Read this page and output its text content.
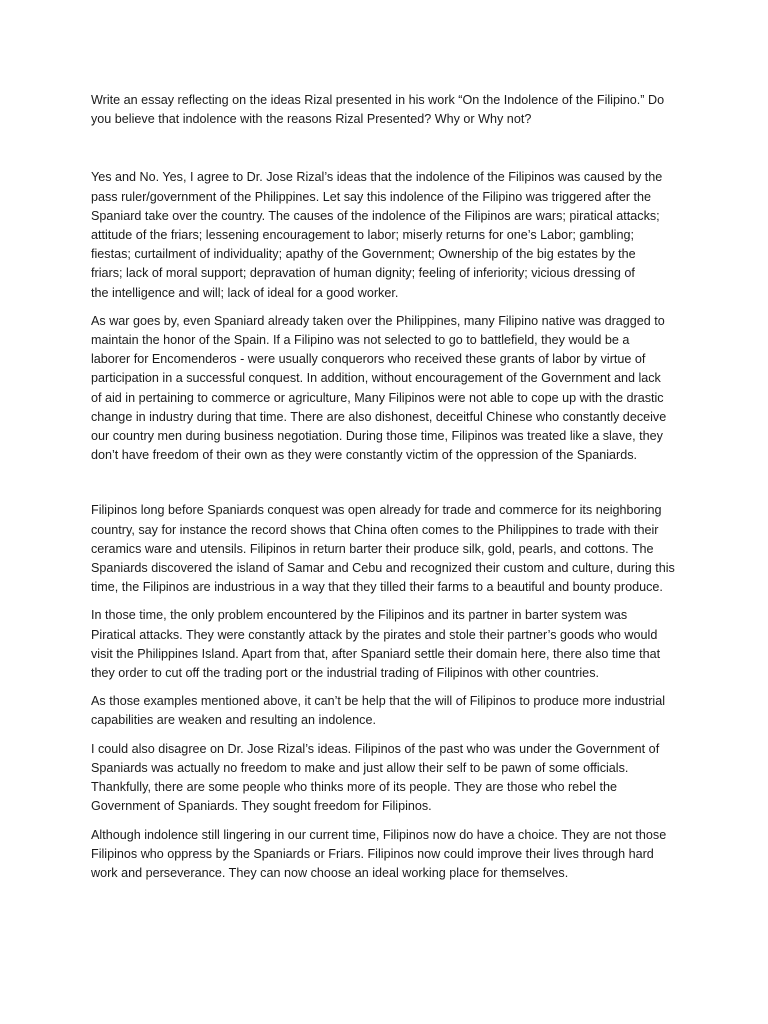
Write an essay reflecting on the ideas Rizal presented in his work “On the Indolence of the Filipino.” Do
you believe that indolence with the reasons Rizal Presented? Why or Why not?
Yes and No. Yes, I agree to Dr. Jose Rizal’s ideas that the indolence of the Filipinos was caused by the
pass ruler/government of the Philippines. Let say this indolence of the Filipino was triggered after the
Spaniard take over the country. The causes of the indolence of the Filipinos are wars; piratical attacks;
attitude of the friars; lessening encouragement to labor; miserly returns for one’s Labor; gambling;
fiestas; curtailment of individuality; apathy of the Government; Ownership of the big estates by the
friars; lack of moral support; depravation of human dignity; feeling of inferiority; vicious dressing of
the intelligence and will; lack of ideal for a good worker.
As war goes by, even Spaniard already taken over the Philippines, many Filipino native was dragged to
maintain the honor of the Spain. If a Filipino was not selected to go to battlefield, they would be a
laborer for Encomenderos - were usually conquerors who received these grants of labor by virtue of
participation in a successful conquest. In addition, without encouragement of the Government and lack
of aid in pertaining to commerce or agriculture, Many Filipinos were not able to cope up with the drastic
change in industry during that time. There are also dishonest, deceitful Chinese who constantly deceive
our country men during business negotiation. During those time, Filipinos was treated like a slave, they
don’t have freedom of their own as they were constantly victim of the oppression of the Spaniards.
Filipinos long before Spaniards conquest was open already for trade and commerce for its neighboring
country, say for instance the record shows that China often comes to the Philippines to trade with their
ceramics ware and utensils. Filipinos in return barter their produce silk, gold, pearls, and cottons. The
Spaniards discovered the island of Samar and Cebu and recognized their custom and culture, during this
time, the Filipinos are industrious in a way that they tilled their farms to a beautiful and bounty produce.
In those time, the only problem encountered by the Filipinos and its partner in barter system was
Piratical attacks. They were constantly attack by the pirates and stole their partner’s goods who would
visit the Philippines Island. Apart from that, after Spaniard settle their domain here, there also time that
they order to cut off the trading port or the industrial trading of Filipinos with other countries.
As those examples mentioned above, it can’t be help that the will of Filipinos to produce more industrial
capabilities are weaken and resulting an indolence.
I could also disagree on Dr. Jose Rizal’s ideas. Filipinos of the past who was under the Government of
Spaniards was actually no freedom to make and just allow their self to be pawn of some officials.
Thankfully, there are some people who thinks more of its people. They are those who rebel the
Government of Spaniards. They sought freedom for Filipinos.
Although indolence still lingering in our current time, Filipinos now do have a choice. They are not those
Filipinos who oppress by the Spaniards or Friars. Filipinos now could improve their lives through hard
work and perseverance. They can now choose an ideal working place for themselves.
